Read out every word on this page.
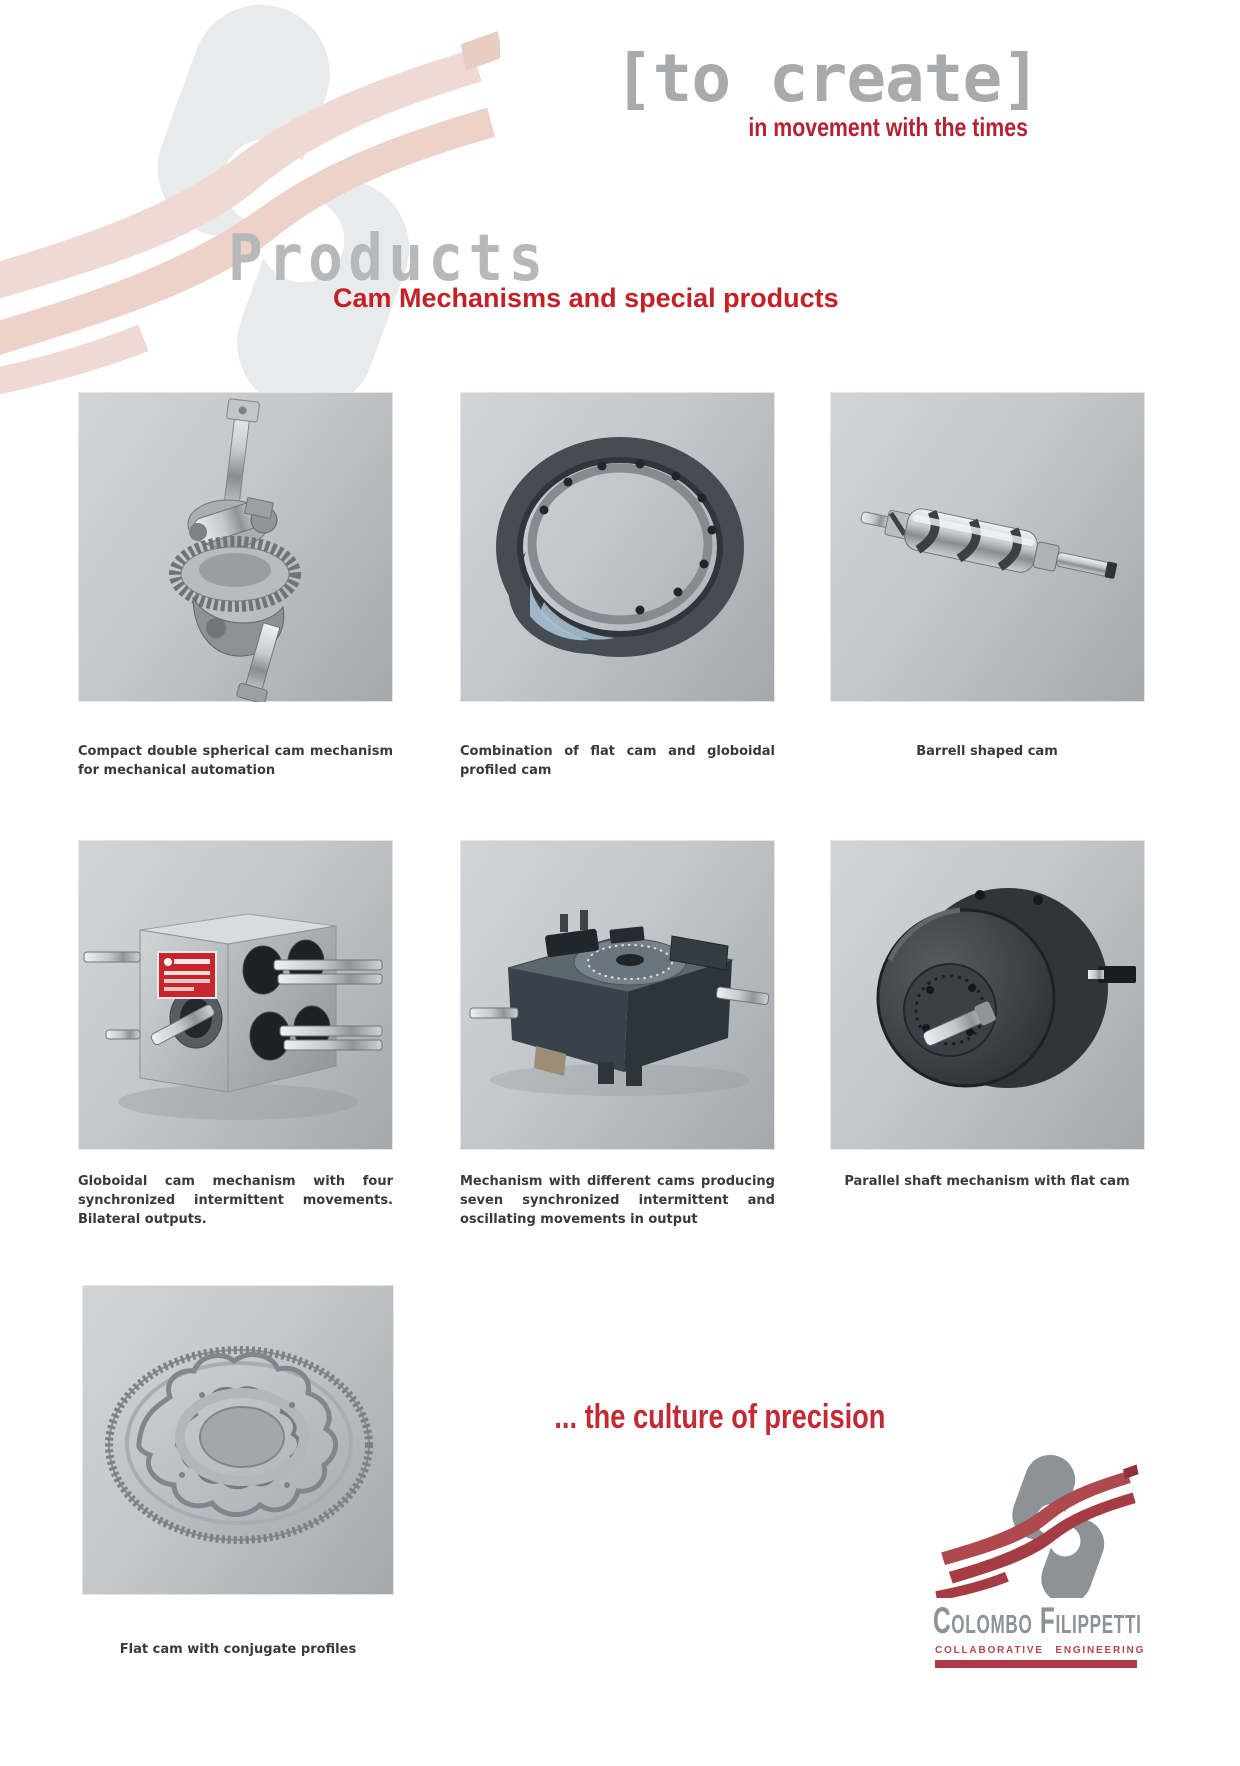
[to create]
in movement with the times
Products
Cam Mechanisms and special products

Compact double spherical cam mechanism for mechanical automation

Combination of flat cam and globoidal profiled cam

Barrell shaped cam

Globoidal cam mechanism with four synchronized intermittent movements. Bilateral outputs.

Mechanism with different cams producing seven synchronized intermittent and oscillating movements in output

Parallel shaft mechanism with flat cam

Flat cam with conjugate profiles

... the culture of precision
Colombo Filippetti
COLLABORATIVE ENGINEERING
